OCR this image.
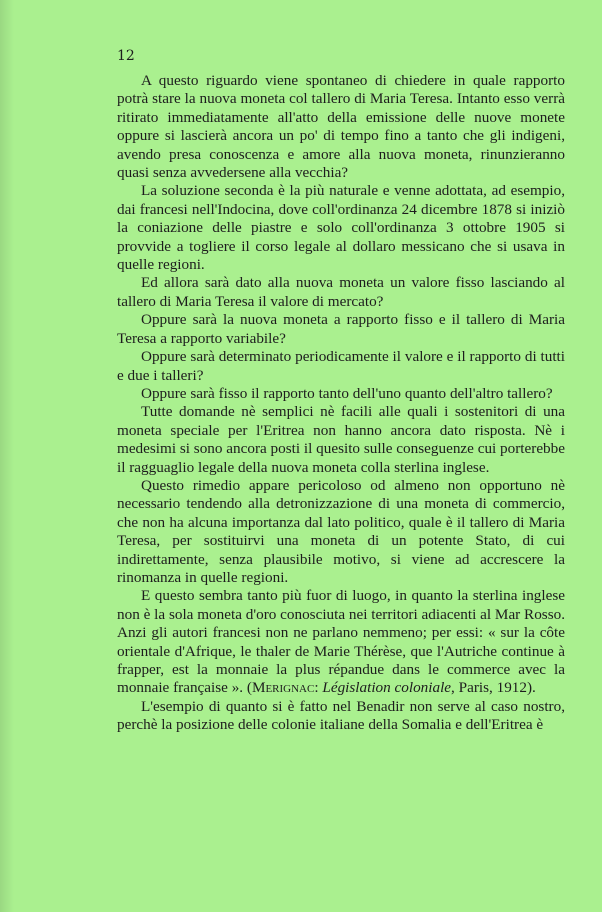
12

A questo riguardo viene spontaneo di chiedere in quale rapporto potrà stare la nuova moneta col tallero di Maria Teresa. Intanto esso verrà ritirato immediatamente all'atto della emissione delle nuove monete oppure si lascierà ancora un po' di tempo fino a tanto che gli indigeni, avendo presa conoscenza e amore alla nuova moneta, rinunzieranno quasi senza avvedersene alla vecchia?

La soluzione seconda è la più naturale e venne adottata, ad esempio, dai francesi nell'Indocina, dove coll'ordinanza 24 dicembre 1878 si iniziò la coniazione delle piastre e solo coll'ordinanza 3 ottobre 1905 si provvide a togliere il corso legale al dollaro messicano che si usava in quelle regioni.

Ed allora sarà dato alla nuova moneta un valore fisso lasciando al tallero di Maria Teresa il valore di mercato?

Oppure sarà la nuova moneta a rapporto fisso e il tallero di Maria Teresa a rapporto variabile?

Oppure sarà determinato periodicamente il valore e il rapporto di tutti e due i talleri?

Oppure sarà fisso il rapporto tanto dell'uno quanto dell'altro tallero?

Tutte domande nè semplici nè facili alle quali i sostenitori di una moneta speciale per l'Eritrea non hanno ancora dato risposta. Nè i medesimi si sono ancora posti il quesito sulle conseguenze cui porterebbe il ragguaglio legale della nuova moneta colla sterlina inglese.

Questo rimedio appare pericoloso od almeno non opportuno nè necessario tendendo alla detronizzazione di una moneta di commercio, che non ha alcuna importanza dal lato politico, quale è il tallero di Maria Teresa, per sostituirvi una moneta di un potente Stato, di cui indirettamente, senza plausibile motivo, si viene ad accrescere la rinomanza in quelle regioni.

E questo sembra tanto più fuor di luogo, in quanto la sterlina inglese non è la sola moneta d'oro conosciuta nei territori adiacenti al Mar Rosso. Anzi gli autori francesi non ne parlano nemmeno; per essi: « sur la côte orientale d'Afrique, le thaler de Marie Thérèse, que l'Autriche continue à frapper, est la monnaie la plus répandue dans le commerce avec la monnaie française ». (Merignac: Législation coloniale, Paris, 1912).

L'esempio di quanto si è fatto nel Benadir non serve al caso nostro, perchè la posizione delle colonie italiane della Somalia e dell'Eritrea è
